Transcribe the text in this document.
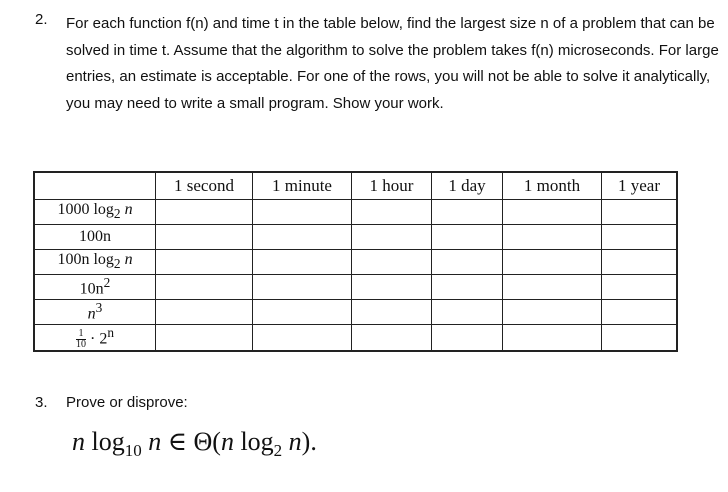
2. For each function f(n) and time t in the table below, find the largest size n of a problem that can be solved in time t. Assume that the algorithm to solve the problem takes f(n) microseconds. For large entries, an estimate is acceptable. For one of the rows, you will not be able to solve it analytically, you may need to write a small program. Show your work.
	1 second	1 minute	1 hour	1 day	1 month	1 year
1000 $\log_2 n$						
100n						
100n $\log_2 n$						
$10n^2$						
$n^3$						

$\frac{1}{10} \cdot 2^n$						
3. Prove or disprove:
n $\log_{10} n$ ∈ Θ(n $\log_2 n$).
